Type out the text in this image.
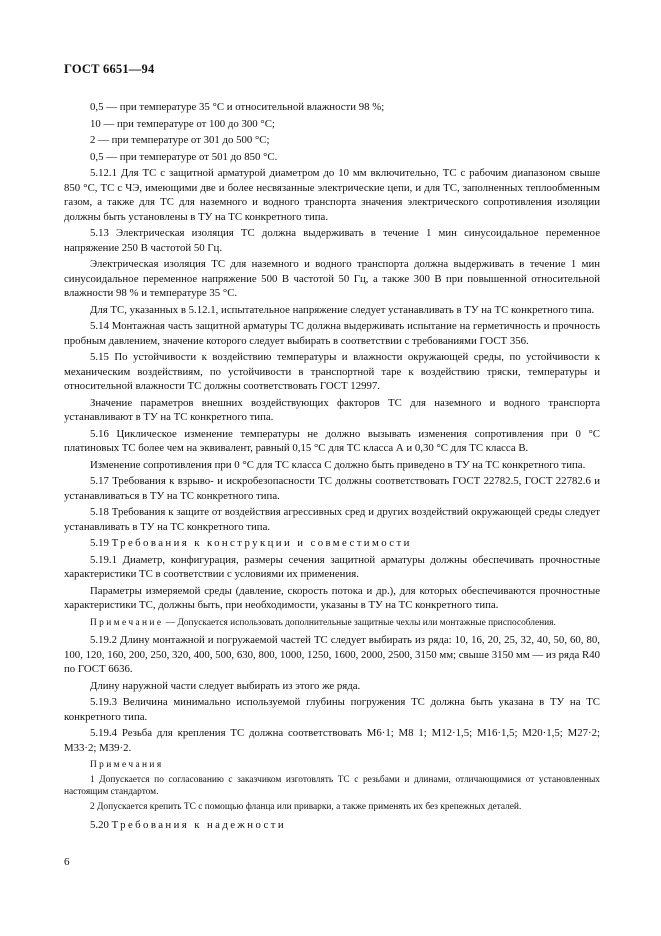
ГОСТ 6651—94

0,5 — при температуре 35 °С и относительной влажности 98 %;

10 — при температуре от 100 до 300 °С;

2 — при температуре от 301 до 500 °С;

0,5 — при температуре от 501 до 850 °С.

5.12.1 Для ТС с защитной арматурой диаметром до 10 мм включительно, ТС с рабочим диапазоном свыше 850 °С, ТС с ЧЭ, имеющими две и более несвязанные электрические цепи, и для ТС, заполненных теплообменным газом, а также для ТС для наземного и водного транспорта значения электрического сопротивления изоляции должны быть установлены в ТУ на ТС конкретного типа.

5.13 Электрическая изоляция ТС должна выдерживать в течение 1 мин синусоидальное переменное напряжение 250 В частотой 50 Гц.

Электрическая изоляция ТС для наземного и водного транспорта должна выдерживать в течение 1 мин синусоидальное переменное напряжение 500 В частотой 50 Гц, а также 300 В при повышенной относительной влажности 98 % и температуре 35 °С.

Для ТС, указанных в 5.12.1, испытательное напряжение следует устанавливать в ТУ на ТС конкретного типа.

5.14 Монтажная часть защитной арматуры ТС должна выдерживать испытание на герметичность и прочность пробным давлением, значение которого следует выбирать в соответствии с требованиями ГОСТ 356.

5.15 По устойчивости к воздействию температуры и влажности окружающей среды, по устойчивости к механическим воздействиям, по устойчивости в транспортной таре к воздействию тряски, температуры и относительной влажности ТС должны соответствовать ГОСТ 12997.

Значение параметров внешних воздействующих факторов ТС для наземного и водного транспорта устанавливают в ТУ на ТС конкретного типа.

5.16 Циклическое изменение температуры не должно вызывать изменения сопротивления при 0 °С платиновых ТС более чем на эквивалент, равный 0,15 °С для ТС класса А и 0,30 °С для ТС класса В.

Изменение сопротивления при 0 °С для ТС класса С должно быть приведено в ТУ на ТС конкретного типа.

5.17 Требования к взрыво- и искробезопасности ТС должны соответствовать ГОСТ 22782.5, ГОСТ 22782.6 и устанавливаться в ТУ на ТС конкретного типа.

5.18 Требования к защите от воздействия агрессивных сред и других воздействий окружающей среды следует устанавливать в ТУ на ТС конкретного типа.

5.19 Требования к конструкции и совместимости

5.19.1 Диаметр, конфигурация, размеры сечения защитной арматуры должны обеспечивать прочностные характеристики ТС в соответствии с условиями их применения.

Параметры измеряемой среды (давление, скорость потока и др.), для которых обеспечиваются прочностные характеристики ТС, должны быть, при необходимости, указаны в ТУ на ТС конкретного типа.

Примечание — Допускается использовать дополнительные защитные чехлы или монтажные приспособления.

5.19.2 Длину монтажной и погружаемой частей ТС следует выбирать из ряда: 10, 16, 20, 25, 32, 40, 50, 60, 80, 100, 120, 160, 200, 250, 320, 400, 500, 630, 800, 1000, 1250, 1600, 2000, 2500, 3150 мм; свыше 3150 мм — из ряда R40 по ГОСТ 6636.

Длину наружной части следует выбирать из этого же ряда.

5.19.3 Величина минимально используемой глубины погружения ТС должна быть указана в ТУ на ТС конкретного типа.

5.19.4 Резьба для крепления ТС должна соответствовать М6·1; М8 1; М12·1,5; М16·1,5; М20·1,5; М27·2; М33·2; М39·2.

Примечания

1 Допускается по согласованию с заказчиком изготовлять ТС с резьбами и длинами, отличающимися от установленных настоящим стандартом.

2 Допускается крепить ТС с помощью фланца или приварки, а также применять их без крепежных деталей.

5.20 Требования к надежности

6
